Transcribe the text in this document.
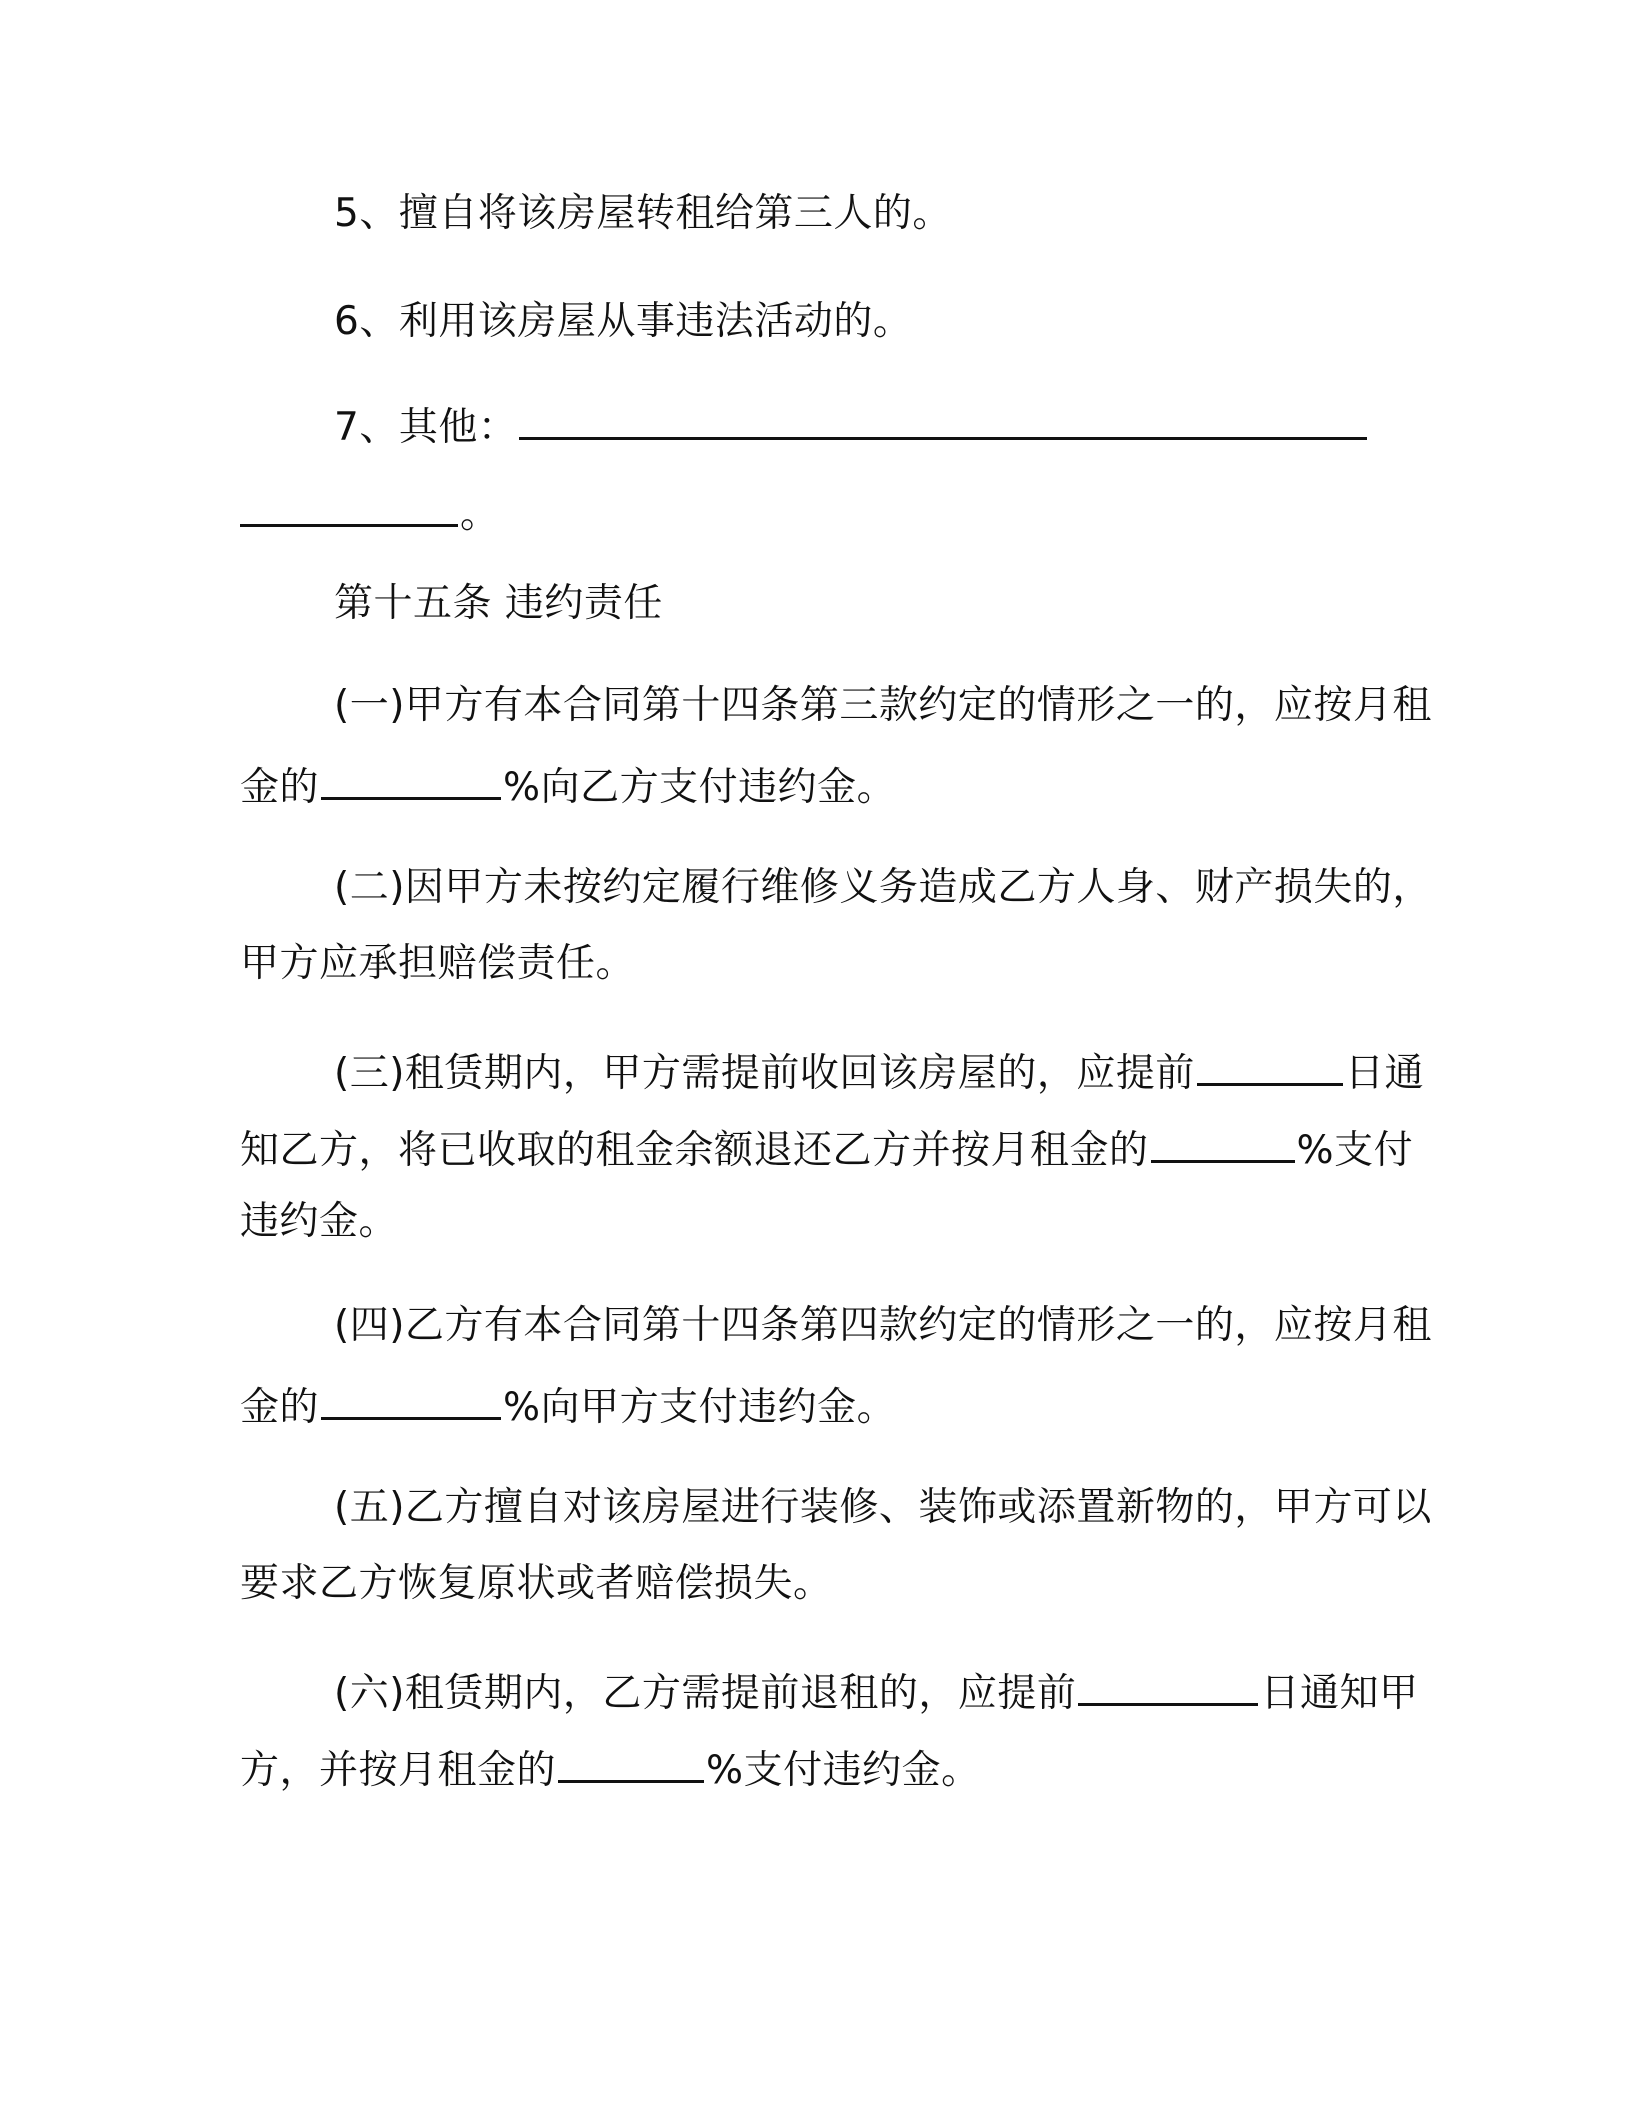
5、擅自将该房屋转租给第三人的。
6、利用该房屋从事违法活动的。
7、其他：
。
第十五条 违约责任
(一)甲方有本合同第十四条第三款约定的情形之一的，应按月租
金的	%向乙方支付违约金。
(二)因甲方未按约定履行维修义务造成乙方人身、财产损失的，
甲方应承担赔偿责任。
(三)租赁期内，甲方需提前收回该房屋的，应提前	日通
知乙方，将已收取的租金余额退还乙方并按月租金的	%支付
违约金。
(四)乙方有本合同第十四条第四款约定的情形之一的，应按月租
金的	%向甲方支付违约金。
(五)乙方擅自对该房屋进行装修、装饰或添置新物的，甲方可以
要求乙方恢复原状或者赔偿损失。
(六)租赁期内，乙方需提前退租的，应提前	日通知甲
方，并按月租金的	%支付违约金。
